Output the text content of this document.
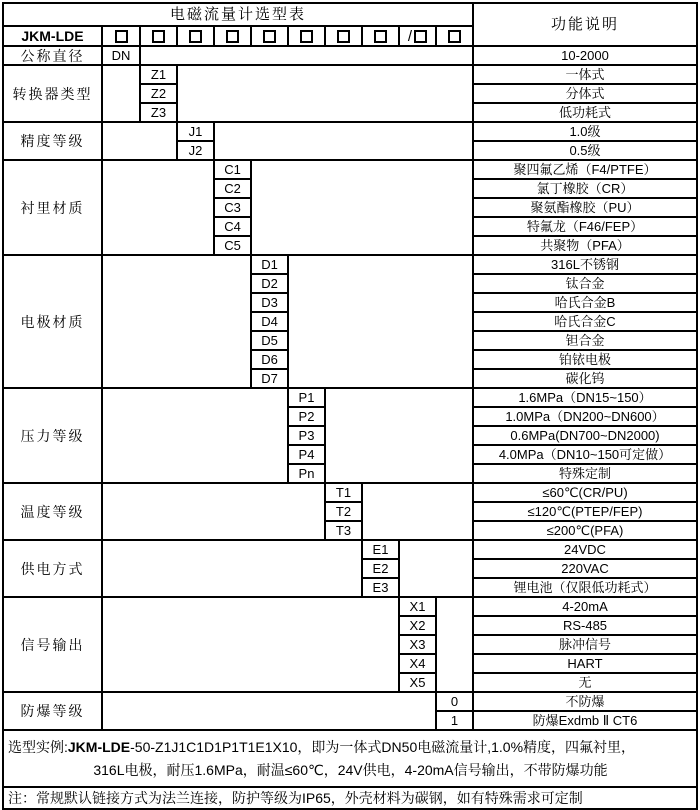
电磁流量计选型表
功能说明
JKM-LDE	/
公称直径	DN	10-2000
转换器类型
Z1	一体式
Z2	分体式
Z3	低功耗式
精度等级
J1	1.0级
J2	0.5级
衬里材质
C1	聚四氟乙烯（F4/PTFE）
C2	氯丁橡胶（CR）
C3	聚氨酯橡胶（PU）
C4	特氟龙（F46/FEP）
C5	共聚物（PFA）
电极材质
D1	316L不锈钢
D2	钛合金
D3	哈氏合金B
D4	哈氏合金C
D5	钽合金
D6	铂铱电极
D7	碳化钨
压力等级
P1	1.6MPa（DN15~150）
P2	1.0MPa（DN200~DN600）
P3	0.6MPa(DN700~DN2000)
P4	4.0MPa（DN10~150可定做）
Pn	特殊定制
温度等级
T1	≤60℃(CR/PU)
T2	≤120℃(PTEP/FEP)
T3	≤200℃(PFA)
供电方式
E1	24VDC
E2	220VAC
E3	锂电池（仅限低功耗式）
信号输出
X1	4-20mA
X2	RS-485
X3	脉冲信号
X4	HART
X5	无
防爆等级
0	不防爆
1	防爆Exdmb Ⅱ CT6
选型实例:JKM-LDE-50-Z1J1C1D1P1T1E1X10，即为一体式DN50电磁流量计,1.0%精度，四氟衬里，
316L电极，耐压1.6MPa，耐温≤60℃，24V供电，4-20mA信号输出，不带防爆功能
注：常规默认链接方式为法兰连接，防护等级为IP65，外壳材料为碳钢，如有特殊需求可定制
